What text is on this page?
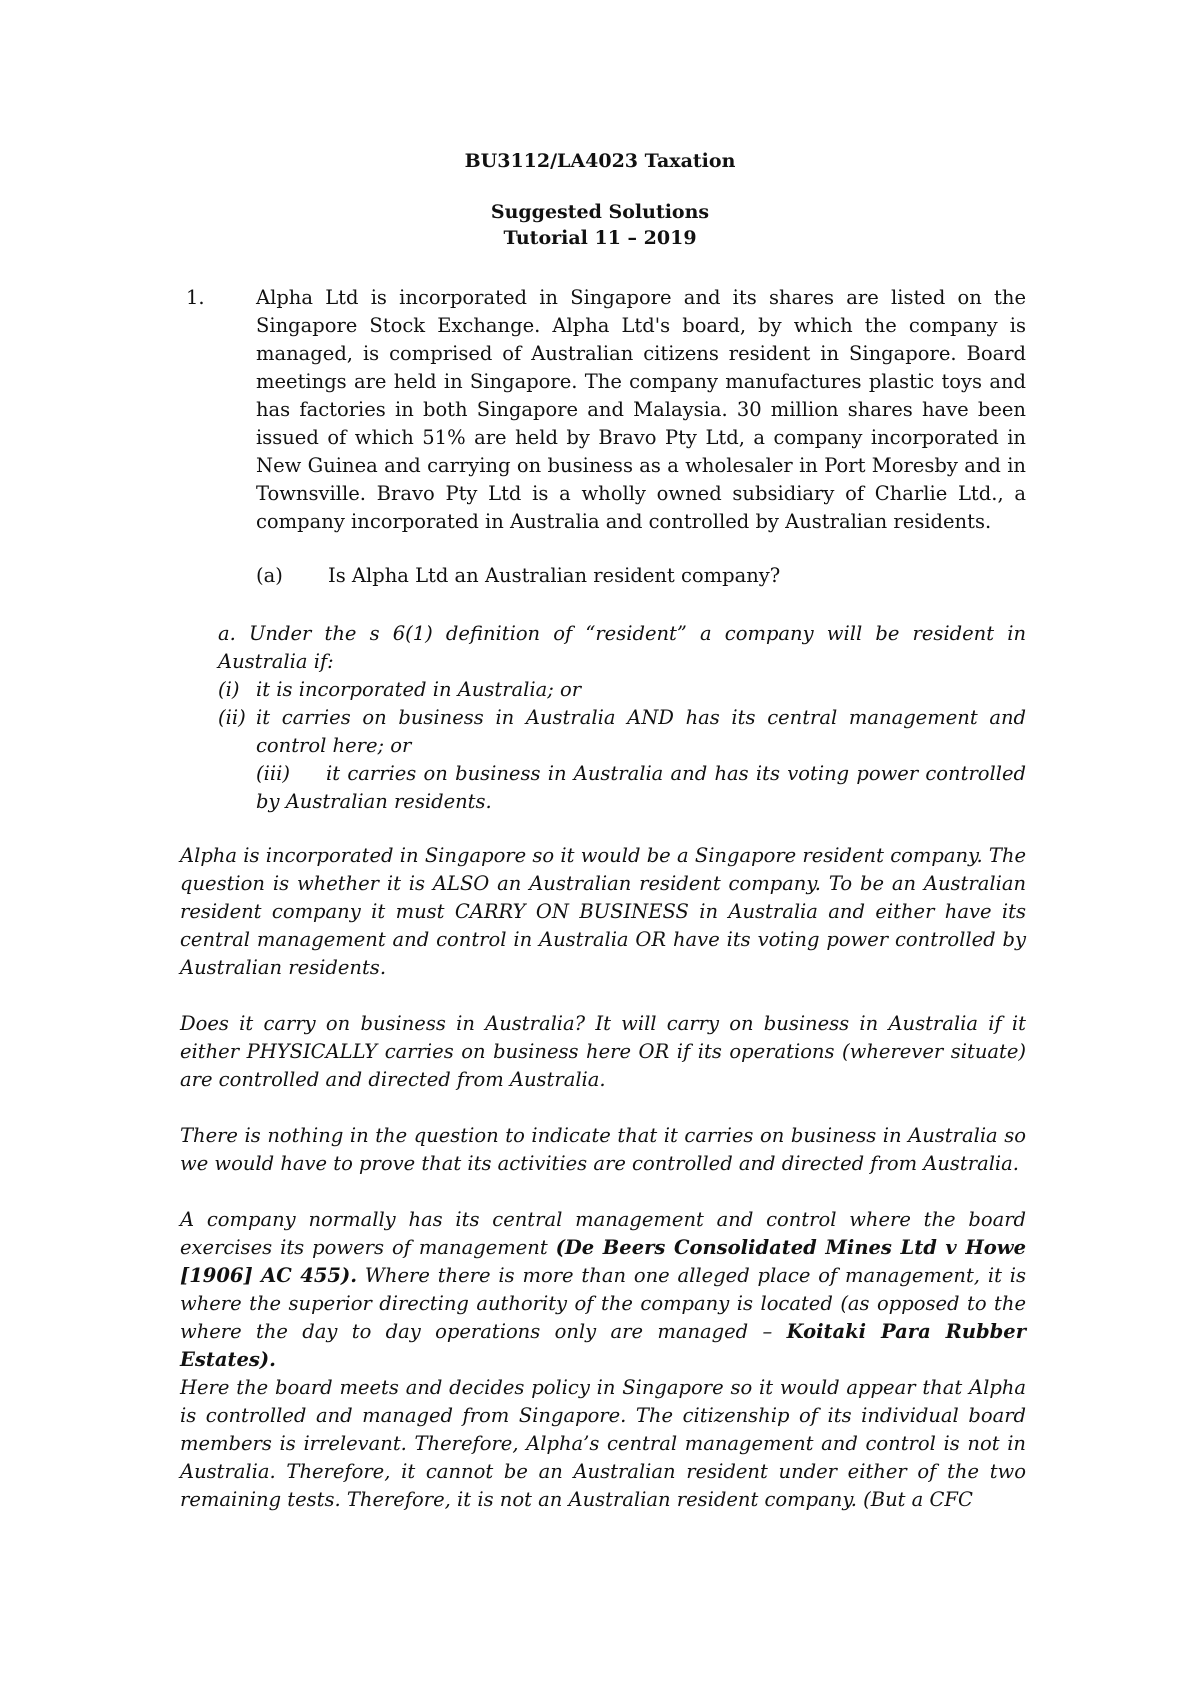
BU3112/LA4023 Taxation

Suggested Solutions

Tutorial 11 – 2019

1.	Alpha Ltd is incorporated in Singapore and its shares are listed on the Singapore Stock Exchange. Alpha Ltd's board, by which the company is managed, is comprised of Australian citizens resident in Singapore. Board meetings are held in Singapore. The company manufactures plastic toys and has factories in both Singapore and Malaysia. 30 million shares have been issued of which 51% are held by Bravo Pty Ltd, a company incorporated in New Guinea and carrying on business as a wholesaler in Port Moresby and in Townsville. Bravo Pty Ltd is a wholly owned subsidiary of Charlie Ltd., a company incorporated in Australia and controlled by Australian residents.

(a) Is Alpha Ltd an Australian resident company?

a. Under the s 6(1) definition of “resident” a company will be resident in Australia if:

(i) it is incorporated in Australia; or
(ii) it carries on business in Australia AND has its central management and control here; or
(iii) it carries on business in Australia and has its voting power controlled by Australian residents.

Alpha is incorporated in Singapore so it would be a Singapore resident company. The question is whether it is ALSO an Australian resident company. To be an Australian resident company it must CARRY ON BUSINESS in Australia and either have its central management and control in Australia OR have its voting power controlled by Australian residents.

Does it carry on business in Australia? It will carry on business in Australia if it either PHYSICALLY carries on business here OR if its operations (wherever situate) are controlled and directed from Australia.

There is nothing in the question to indicate that it carries on business in Australia so we would have to prove that its activities are controlled and directed from Australia.

A company normally has its central management and control where the board exercises its powers of management (De Beers Consolidated Mines Ltd v Howe [1906] AC 455). Where there is more than one alleged place of management, it is where the superior directing authority of the company is located (as opposed to the where the day to day operations only are managed – Koitaki Para Rubber Estates).

Here the board meets and decides policy in Singapore so it would appear that Alpha is controlled and managed from Singapore. The citizenship of its individual board members is irrelevant. Therefore, Alpha’s central management and control is not in Australia. Therefore, it cannot be an Australian resident under either of the two remaining tests. Therefore, it is not an Australian resident company. (But a CFC
